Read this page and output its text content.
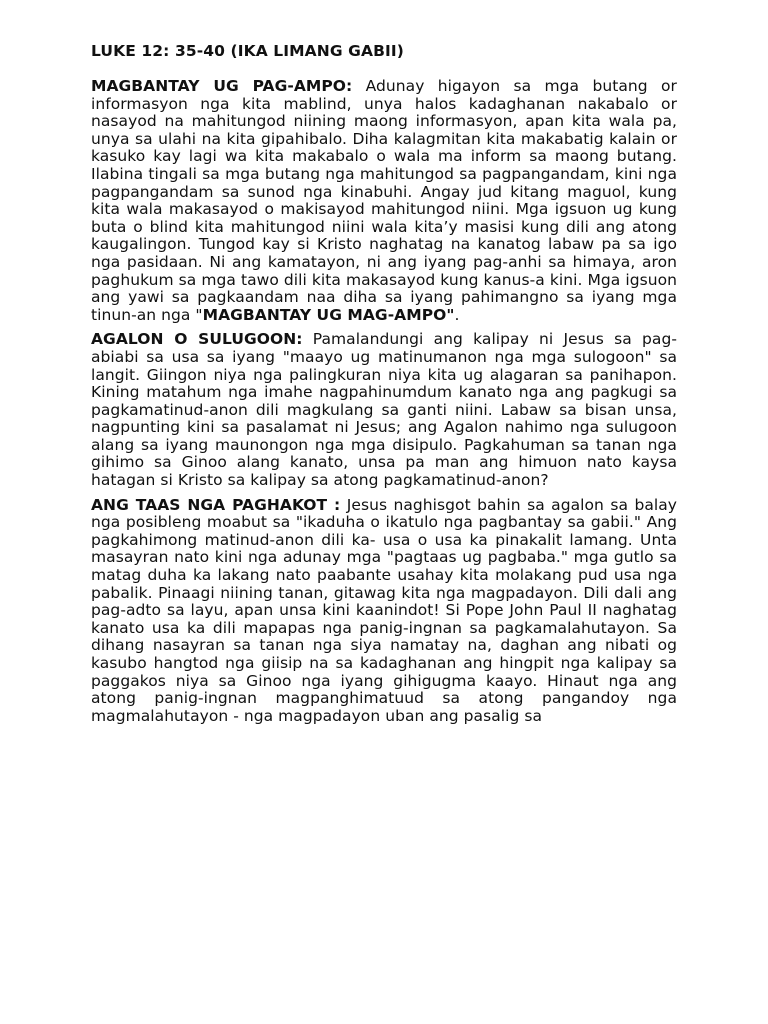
LUKE 12: 35-40 (IKA LIMANG GABII)

MAGBANTAY UG PAG-AMPO: Adunay higayon sa mga butang or informasyon nga kita mablind, unya halos kadaghanan nakabalo or nasayod na mahitungod niining maong informasyon, apan kita wala pa, unya sa ulahi na kita gipahibalo. Diha kalagmitan kita makabatig kalain or kasuko kay lagi wa kita makabalo o wala ma inform sa maong butang. Ilabina tingali sa mga butang nga mahitungod sa pagpangandam, kini nga pagpangandam sa sunod nga kinabuhi. Angay jud kitang maguol, kung kita wala makasayod o makisayod mahitungod niini. Mga igsuon ug kung buta o blind kita mahitungod niini wala kita’y masisi kung dili ang atong kaugalingon. Tungod kay si Kristo naghatag na kanatog labaw pa sa igo nga pasidaan. Ni ang kamatayon, ni ang iyang pag-anhi sa himaya, aron paghukum sa mga tawo dili kita makasayod kung kanus-a kini. Mga igsuon ang yawi sa pagkaandam naa diha sa iyang pahimangno sa iyang mga tinun-an nga "MAGBANTAY UG MAG-AMPO".

AGALON O SULUGOON: Pamalandungi ang kalipay ni Jesus sa pag-abiabi sa usa sa iyang "maayo ug matinumanon nga mga sulogoon" sa langit. Giingon niya nga palingkuran niya kita ug alagaran sa panihapon. Kining matahum nga imahe nagpahinumdum kanato nga ang pagkugi sa pagkamatinud-anon dili magkulang sa ganti niini. Labaw sa bisan unsa, nagpunting kini sa pasalamat ni Jesus; ang Agalon nahimo nga sulugoon alang sa iyang maunongon nga mga disipulo. Pagkahuman sa tanan nga gihimo sa Ginoo alang kanato, unsa pa man ang himuon nato kaysa hatagan si Kristo sa kalipay sa atong pagkamatinud-anon?

ANG TAAS NGA PAGHAKOT : Jesus naghisgot bahin sa agalon sa balay nga posibleng moabut sa "ikaduha o ikatulo nga pagbantay sa gabii." Ang pagkahimong matinud-anon dili ka- usa o usa ka pinakalit lamang. Unta masayran nato kini nga adunay mga "pagtaas ug pagbaba." mga gutlo sa matag duha ka lakang nato paabante usahay kita molakang pud usa nga pabalik. Pinaagi niining tanan, gitawag kita nga magpadayon. Dili dali ang pag-adto sa layu, apan unsa kini kaanindot! Si Pope John Paul II naghatag kanato usa ka dili mapapas nga panig-ingnan sa pagkamalahutayon. Sa dihang nasayran sa tanan nga siya namatay na, daghan ang nibati og kasubo hangtod nga giisip na sa kadaghanan ang hingpit nga kalipay sa paggakos niya sa Ginoo nga iyang gihigugma kaayo. Hinaut nga ang atong panig-ingnan magpanghimatuud sa atong pangandoy nga magmalahutayon - nga magpadayon uban ang pasalig sa
